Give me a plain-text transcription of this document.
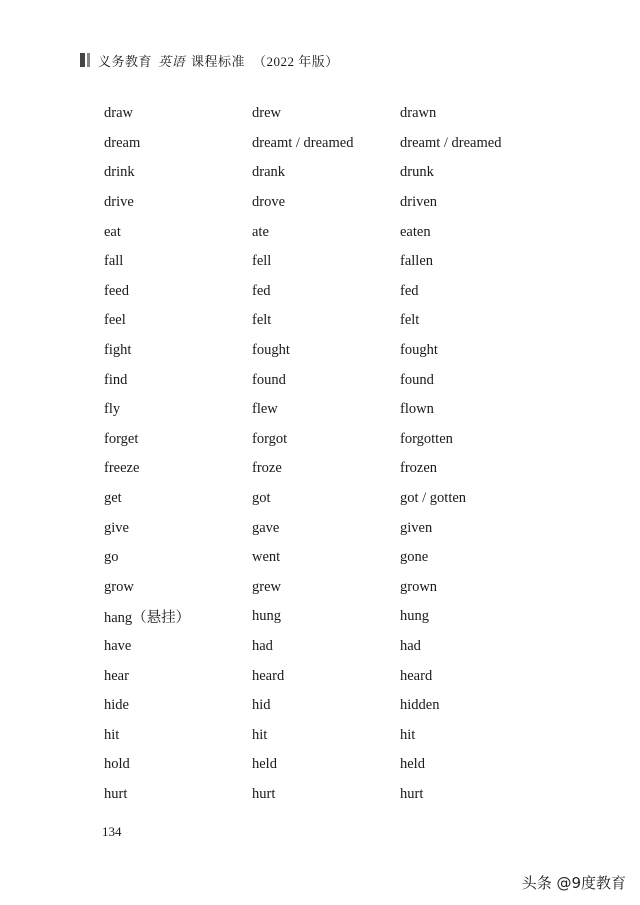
义务教育 英语 课程标准 （2022 年版）
draw	drew	drawn
dream	dreamt / dreamed	dreamt / dreamed
drink	drank	drunk
drive	drove	driven
eat	ate	eaten
fall	fell	fallen
feed	fed	fed
feel	felt	felt
fight	fought	fought
find	found	found
fly	flew	flown
forget	forgot	forgotten
freeze	froze	frozen
get	got	got / gotten
give	gave	given
go	went	gone
grow	grew	grown
hang（悬挂）	hung	hung
have	had	had
hear	heard	heard
hide	hid	hidden
hit	hit	hit
hold	held	held
hurt	hurt	hurt
134
头条 @9度教育
